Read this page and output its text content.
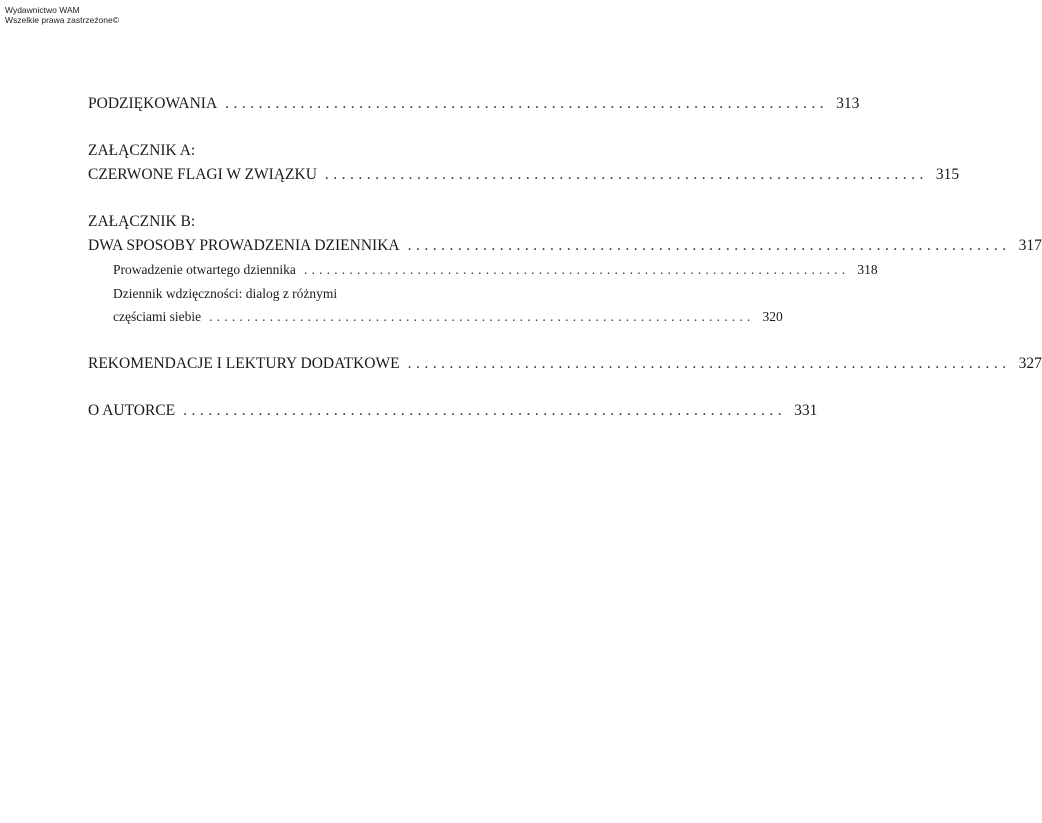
Wydawnictwo WAM
Wszelkie prawa zastrzeżone©
PODZIĘKOWANIA ........................................................................ 313
ZAŁĄCZNIK A:
CZERWONE FLAGI W ZWIĄZKU ........................................................................ 315
ZAŁĄCZNIK B:
DWA SPOSOBY PROWADZENIA DZIENNIKA ........................................................................ 317
Prowadzenie otwartego dziennika ........................................................................ 318
Dziennik wdzięczności: dialog z różnymi
częściami siebie ........................................................................ 320
REKOMENDACJE I LEKTURY DODATKOWE ........................................................................ 327
O AUTORCE ........................................................................ 331
